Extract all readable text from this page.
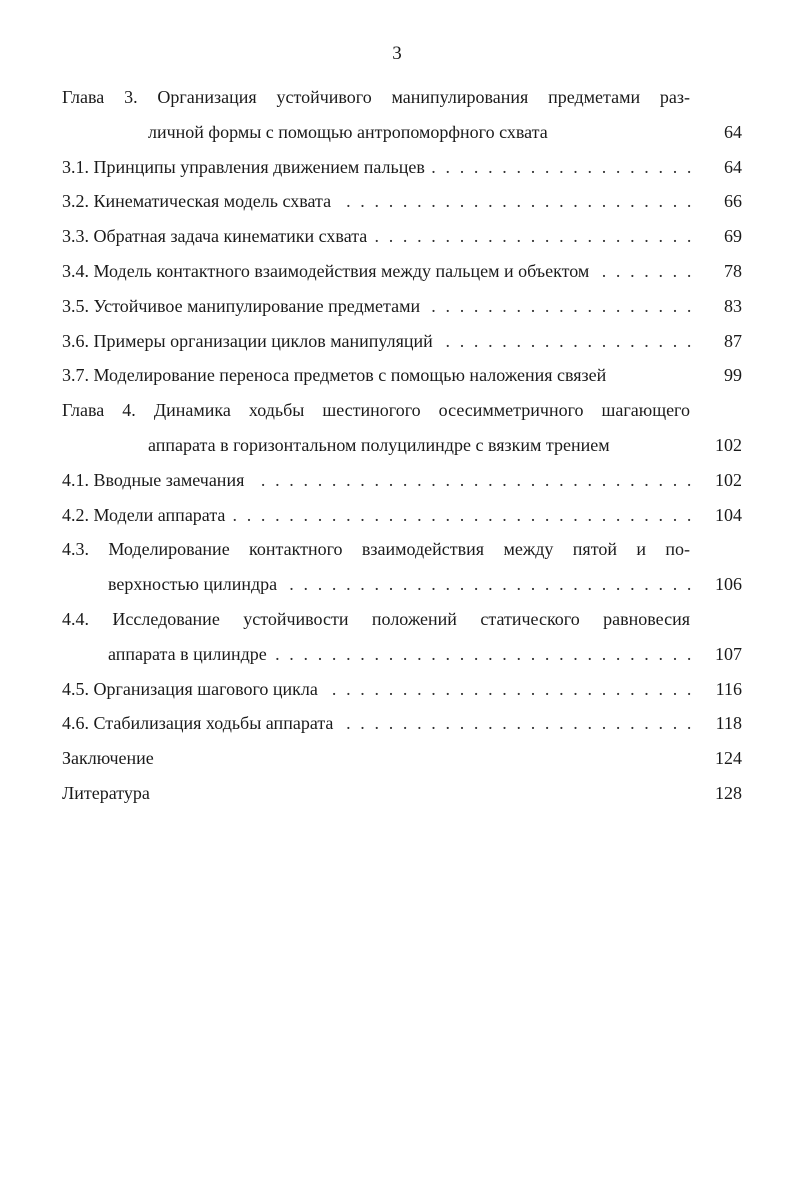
3
Глава 3. Организация устойчивого манипулирования предметами раз-
личной формы с помощью антропоморфного схвата	64
3.1. Принципы управления движением пальцев . . . . . . . . . . . . . . . . . . .	64
3.2. Кинематическая модель схвата . . . . . . . . . . . . . . . . . . . . . . . . .	66
3.3. Обратная задача кинематики схвата . . . . . . . . . . . . . . . . . . . . . . .	69
3.4. Модель контактного взаимодействия между пальцем и объектом . . . . . . .	78
3.5. Устойчивое манипулирование предметами . . . . . . . . . . . . . . . . . . .	83
3.6. Примеры организации циклов манипуляций . . . . . . . . . . . . . . . . . .	87
3.7. Моделирование переноса предметов с помощью наложения связей	99
Глава 4. Динамика ходьбы шестиногого осесимметричного шагающего
аппарата в горизонтальном полуцилиндре с вязким трением	102
4.1. Вводные замечания . . . . . . . . . . . . . . . . . . . . . . . . . . . . . . .	102
4.2. Модели аппарата . . . . . . . . . . . . . . . . . . . . . . . . . . . . . . . . .	104
4.3. Моделирование контактного взаимодействия между пятой и по-
верхностью цилиндра . . . . . . . . . . . . . . . . . . . . . . . . . . . . .	106
4.4. Исследование устойчивости положений статического равновесия
аппарата в цилиндре . . . . . . . . . . . . . . . . . . . . . . . . . . . . . .	107
4.5. Организация шагового цикла . . . . . . . . . . . . . . . . . . . . . . . . . .	116
4.6. Стабилизация ходьбы аппарата . . . . . . . . . . . . . . . . . . . . . . . . .	118
Заключение	124
Литература	128
